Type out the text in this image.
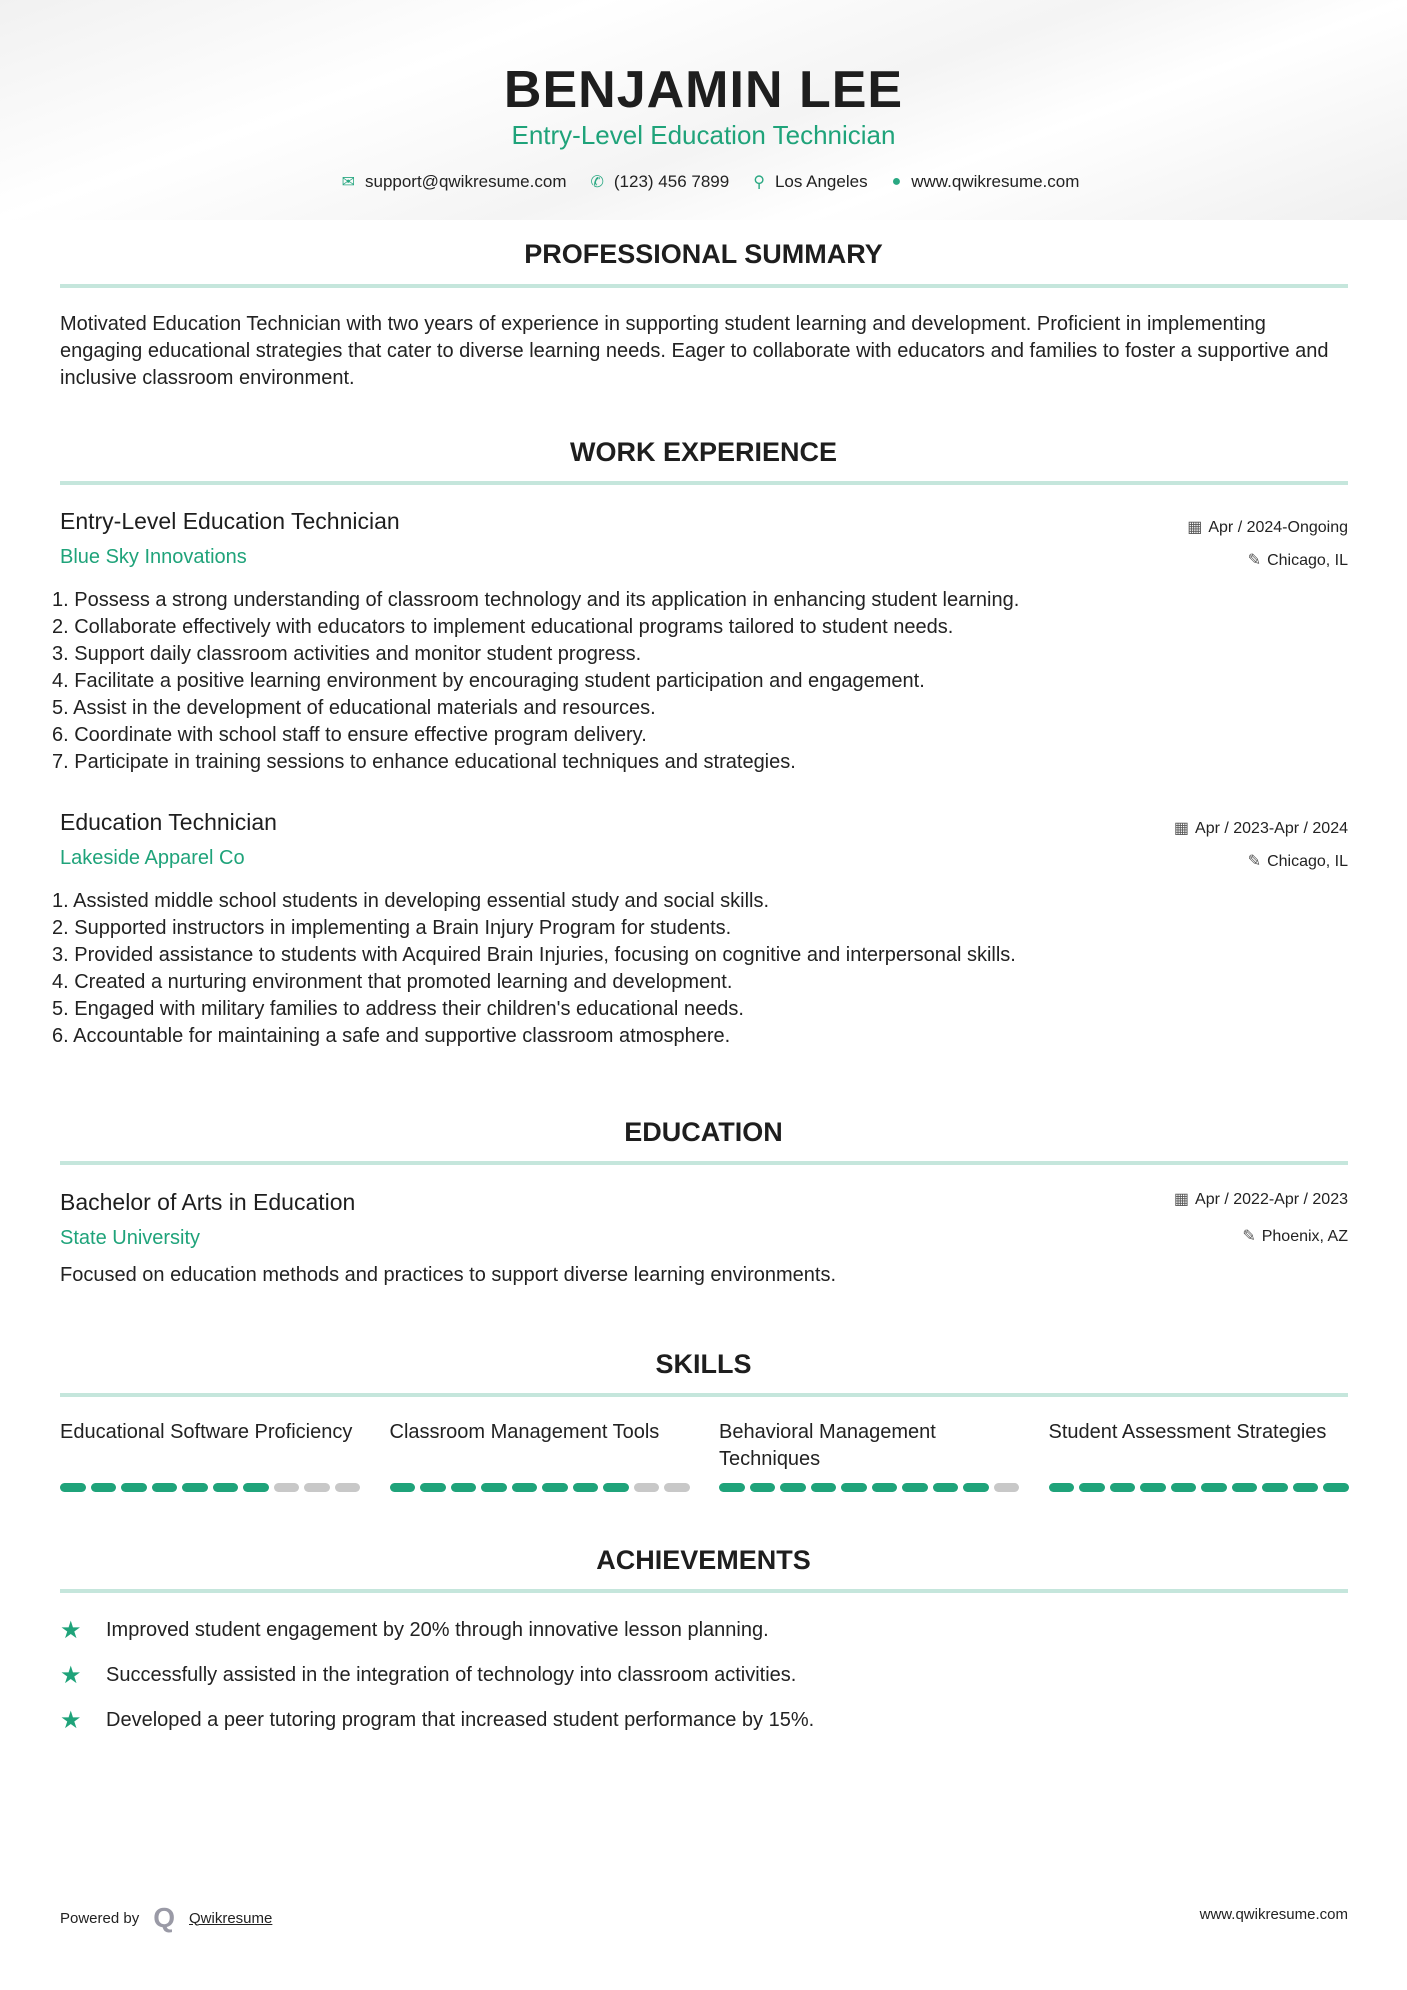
BENJAMIN LEE
Entry-Level Education Technician
✉ support@qwikresume.com ✆ (123) 456 7899 ⚲ Los Angeles ● www.qwikresume.com
PROFESSIONAL SUMMARY
Motivated Education Technician with two years of experience in supporting student learning and development. Proficient in implementing engaging educational strategies that cater to diverse learning needs. Eager to collaborate with educators and families to foster a supportive and inclusive classroom environment.
WORK EXPERIENCE
Entry-Level Education Technician
Blue Sky Innovations
▦ Apr / 2024-Ongoing
✎ Chicago, IL
1. Possess a strong understanding of classroom technology and its application in enhancing student learning.
2. Collaborate effectively with educators to implement educational programs tailored to student needs.
3. Support daily classroom activities and monitor student progress.
4. Facilitate a positive learning environment by encouraging student participation and engagement.
5. Assist in the development of educational materials and resources.
6. Coordinate with school staff to ensure effective program delivery.
7. Participate in training sessions to enhance educational techniques and strategies.
Education Technician
Lakeside Apparel Co
▦ Apr / 2023-Apr / 2024
✎ Chicago, IL
1. Assisted middle school students in developing essential study and social skills.
2. Supported instructors in implementing a Brain Injury Program for students.
3. Provided assistance to students with Acquired Brain Injuries, focusing on cognitive and interpersonal skills.
4. Created a nurturing environment that promoted learning and development.
5. Engaged with military families to address their children's educational needs.
6. Accountable for maintaining a safe and supportive classroom atmosphere.
EDUCATION
Bachelor of Arts in Education
State University
▦ Apr / 2022-Apr / 2023
✎ Phoenix, AZ
Focused on education methods and practices to support diverse learning environments.
SKILLS
Educational Software Proficiency	Classroom Management Tools	Behavioral Management Techniques
Student Assessment Strategies
ACHIEVEMENTS
★	Improved student engagement by 20% through innovative lesson planning.
★	Successfully assisted in the integration of technology into classroom activities.
★	Developed a peer tutoring program that increased student performance by 15%.
Powered by Q Qwikresume	www.qwikresume.com
